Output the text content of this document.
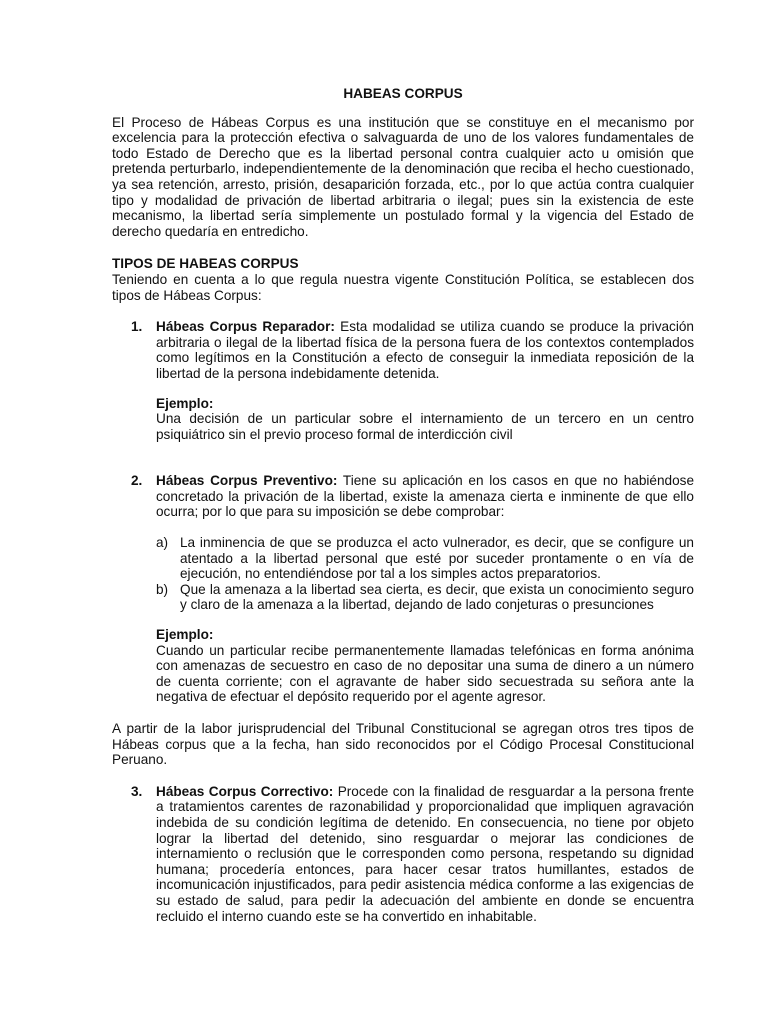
HABEAS CORPUS

El Proceso de Hábeas Corpus es una institución que se constituye en el mecanismo por excelencia para la protección efectiva o salvaguarda de uno de los valores fundamentales de todo Estado de Derecho que es la libertad personal contra cualquier acto u omisión que pretenda perturbarlo, independientemente de la denominación que reciba el hecho cuestionado, ya sea retención, arresto, prisión, desaparición forzada, etc., por lo que actúa contra cualquier tipo y modalidad de privación de libertad arbitraria o ilegal; pues sin la existencia de este mecanismo, la libertad sería simplemente un postulado formal y la vigencia del Estado de derecho quedaría en entredicho.

TIPOS DE HABEAS CORPUS

Teniendo en cuenta a lo que regula nuestra vigente Constitución Política, se establecen dos tipos de Hábeas Corpus:

1. Hábeas Corpus Reparador: Esta modalidad se utiliza cuando se produce la privación arbitraria o ilegal de la libertad física de la persona fuera de los contextos contemplados como legítimos en la Constitución a efecto de conseguir la inmediata reposición de la libertad de la persona indebidamente detenida.

Ejemplo:

Una decisión de un particular sobre el internamiento de un tercero en un centro psiquiátrico sin el previo proceso formal de interdicción civil

2. Hábeas Corpus Preventivo: Tiene su aplicación en los casos en que no habiéndose concretado la privación de la libertad, existe la amenaza cierta e inminente de que ello ocurra; por lo que para su imposición se debe comprobar:

a) La inminencia de que se produzca el acto vulnerador, es decir, que se configure un atentado a la libertad personal que esté por suceder prontamente o en vía de ejecución, no entendiéndose por tal a los simples actos preparatorios.

b) Que la amenaza a la libertad sea cierta, es decir, que exista un conocimiento seguro y claro de la amenaza a la libertad, dejando de lado conjeturas o presunciones

Ejemplo:

Cuando un particular recibe permanentemente llamadas telefónicas en forma anónima con amenazas de secuestro en caso de no depositar una suma de dinero a un número de cuenta corriente; con el agravante de haber sido secuestrada su señora ante la negativa de efectuar el depósito requerido por el agente agresor.

A partir de la labor jurisprudencial del Tribunal Constitucional se agregan otros tres tipos de Hábeas corpus que a la fecha, han sido reconocidos por el Código Procesal Constitucional Peruano.

3. Hábeas Corpus Correctivo: Procede con la finalidad de resguardar a la persona frente a tratamientos carentes de razonabilidad y proporcionalidad que impliquen agravación indebida de su condición legítima de detenido. En consecuencia, no tiene por objeto lograr la libertad del detenido, sino resguardar o mejorar las condiciones de internamiento o reclusión que le corresponden como persona, respetando su dignidad humana; procedería entonces, para hacer cesar tratos humillantes, estados de incomunicación injustificados, para pedir asistencia médica conforme a las exigencias de su estado de salud, para pedir la adecuación del ambiente en donde se encuentra recluido el interno cuando este se ha convertido en inhabitable.
